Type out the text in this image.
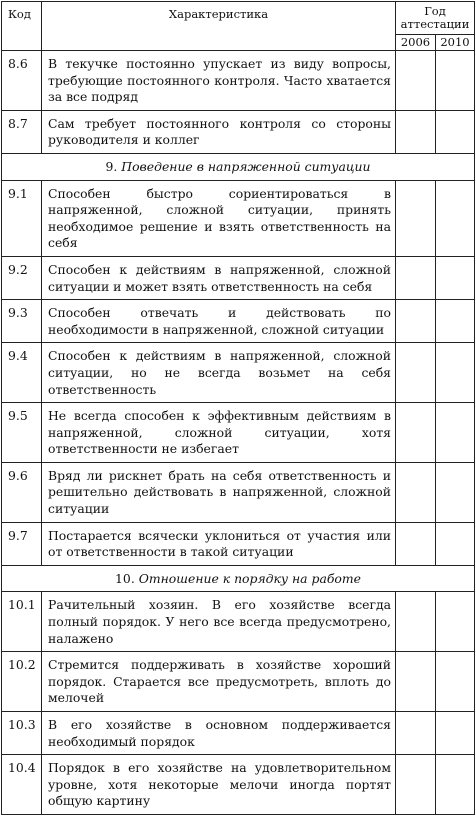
Код	Характеристика	Год
аттестации	
		2006	2010
8.6	В текучке постоянно упускает из виду вопросы, требующие постоянного контроля. Часто хватается за все подряд		
8.7	Сам требует постоянного контроля со стороны руководителя и коллег		
9. Поведение в напряженной ситуации			
9.1	Способен быстро сориентироваться в напряженной, сложной ситуации, принять необходимое решение и взять ответственность на себя		
9.2	Способен к действиям в напряженной, сложной ситуации и может взять ответственность на себя		
9.3	Способен отвечать и действовать по необходимости в напряженной, сложной ситуации		
9.4	Способен к действиям в напряженной, сложной ситуации, но не всегда возьмет на себя ответственность		
9.5	Не всегда способен к эффективным действиям в напряженной, сложной ситуации, хотя ответственности не избегает		
9.6	Вряд ли рискнет брать на себя ответственность и решительно действовать в напряженной, сложной ситуации		
9.7	Постарается всячески уклониться от участия или от ответственности в такой ситуации		
10. Отношение к порядку на работе			
10.1	Рачительный хозяин. В его хозяйстве всегда полный порядок. У него все всегда предусмотрено, налажено		
10.2	Стремится поддерживать в хозяйстве хороший порядок. Старается все предусмотреть, вплоть до мелочей		
10.3	В его хозяйстве в основном поддерживается необходимый порядок		
10.4	Порядок в его хозяйстве на удовлетворительном уровне, хотя некоторые мелочи иногда портят общую картину		
